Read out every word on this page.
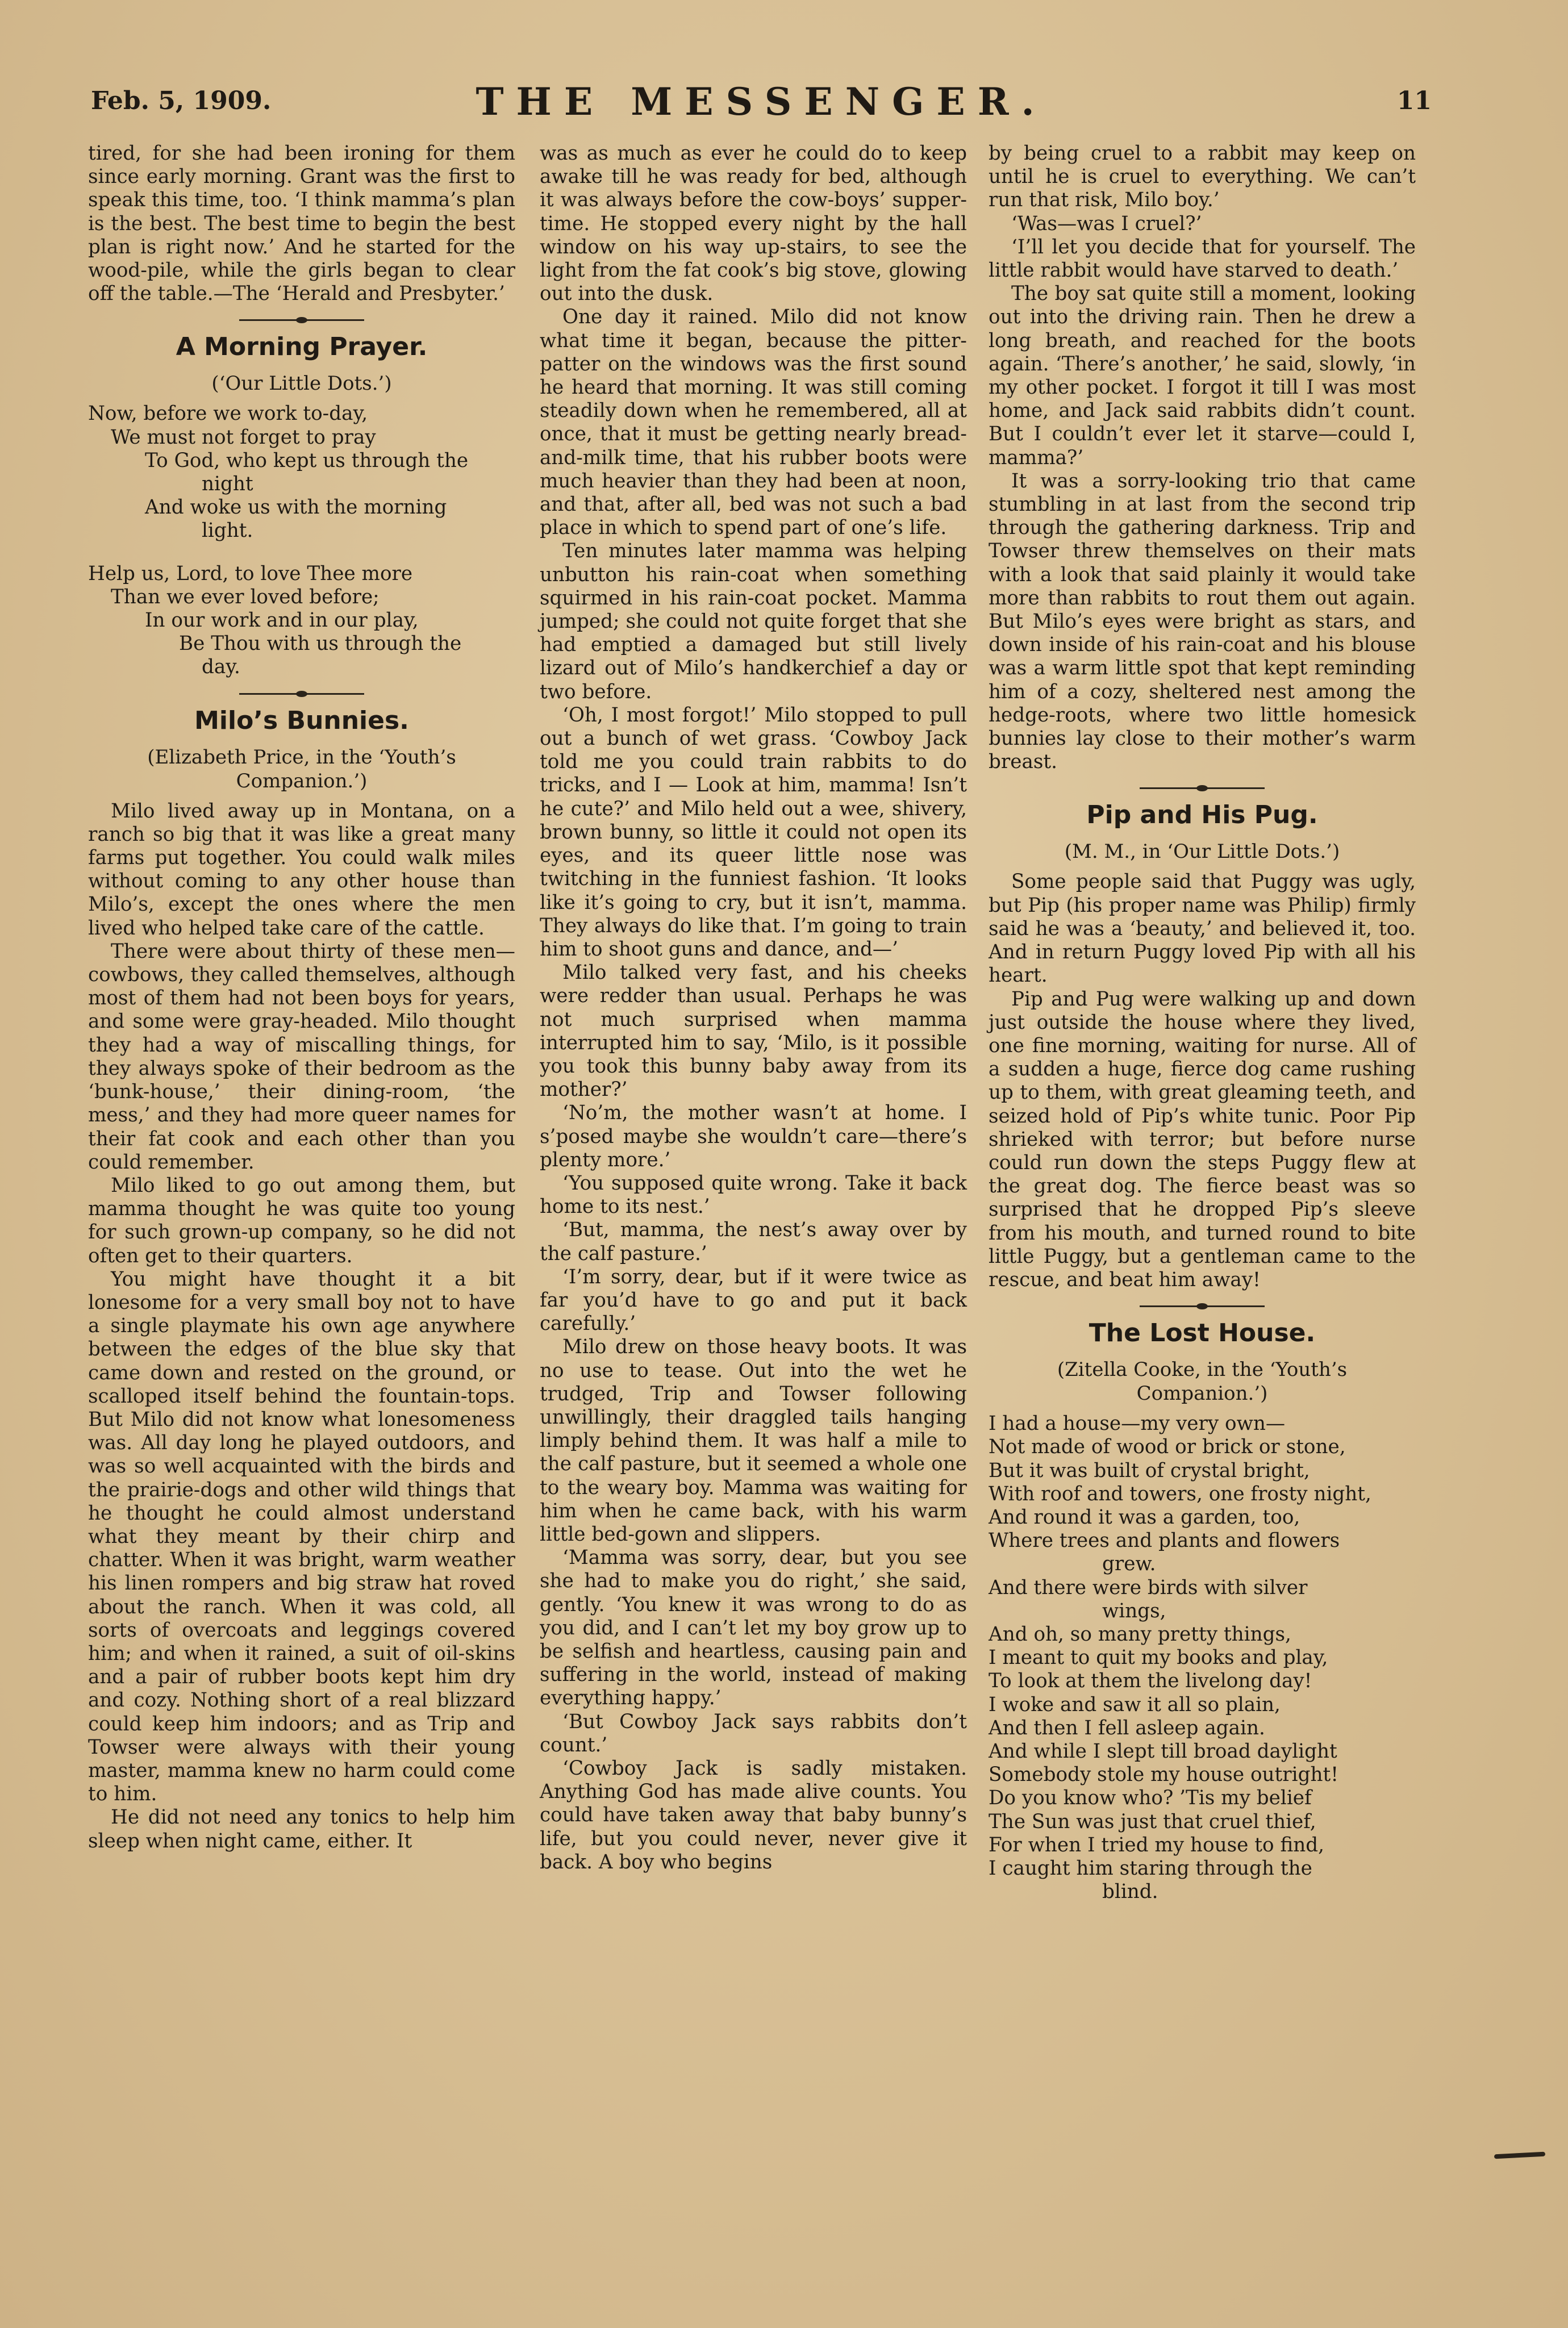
Feb. 5, 1909.	THE MESSENGER.	11

tired, for she had been ironing for them since early morning. Grant was the first to speak this time, too. ‘I think mamma’s plan is the best. The best time to begin the best plan is right now.’ And he started for the wood-pile, while the girls began to clear off the table.—The ‘Herald and Presbyter.’

A Morning Prayer.
(‘Our Little Dots.’)
Now, before we work to-day,
We must not forget to pray
To God, who kept us through the
night
And woke us with the morning
light.
Help us, Lord, to love Thee more
Than we ever loved before;
In our work and in our play,
Be Thou with us through the
day.
Milo’s Bunnies.
(Elizabeth Price, in the ‘Youth’s Companion.’)

Milo lived away up in Montana, on a ranch so big that it was like a great many farms put together. You could walk miles without coming to any other house than Milo’s, except the ones where the men lived who helped take care of the cattle.

There were about thirty of these men—cowbows, they called themselves, although most of them had not been boys for years, and some were gray-headed. Milo thought they had a way of miscalling things, for they always spoke of their bedroom as the ‘bunk-house,’ their dining-room, ‘the mess,’ and they had more queer names for their fat cook and each other than you could remember.

Milo liked to go out among them, but mamma thought he was quite too young for such grown-up company, so he did not often get to their quarters.

You might have thought it a bit lonesome for a very small boy not to have a single playmate his own age anywhere between the edges of the blue sky that came down and rested on the ground, or scalloped itself behind the fountain-tops. But Milo did not know what lonesomeness was. All day long he played outdoors, and was so well acquainted with the birds and the prairie-dogs and other wild things that he thought he could almost understand what they meant by their chirp and chatter. When it was bright, warm weather his linen rompers and big straw hat roved about the ranch. When it was cold, all sorts of overcoats and leggings covered him; and when it rained, a suit of oil-skins and a pair of rubber boots kept him dry and cozy. Nothing short of a real blizzard could keep him indoors; and as Trip and Towser were always with their young master, mamma knew no harm could come to him.

He did not need any tonics to help him sleep when night came, either. It

was as much as ever he could do to keep awake till he was ready for bed, although it was always before the cow-boys’ supper-time. He stopped every night by the hall window on his way up-stairs, to see the light from the fat cook’s big stove, glowing out into the dusk.

One day it rained. Milo did not know what time it began, because the pitter-patter on the windows was the first sound he heard that morning. It was still coming steadily down when he remembered, all at once, that it must be getting nearly bread-and-milk time, that his rubber boots were much heavier than they had been at noon, and that, after all, bed was not such a bad place in which to spend part of one’s life.

Ten minutes later mamma was helping unbutton his rain-coat when something squirmed in his rain-coat pocket. Mamma jumped; she could not quite forget that she had emptied a damaged but still lively lizard out of Milo’s handkerchief a day or two before.

‘Oh, I most forgot!’ Milo stopped to pull out a bunch of wet grass. ‘Cowboy Jack told me you could train rabbits to do tricks, and I — Look at him, mamma! Isn’t he cute?’ and Milo held out a wee, shivery, brown bunny, so little it could not open its eyes, and its queer little nose was twitching in the funniest fashion. ‘It looks like it’s going to cry, but it isn’t, mamma. They always do like that. I’m going to train him to shoot guns and dance, and—’

Milo talked very fast, and his cheeks were redder than usual. Perhaps he was not much surprised when mamma interrupted him to say, ‘Milo, is it possible you took this bunny baby away from its mother?’

‘No’m, the mother wasn’t at home. I s’posed maybe she wouldn’t care—there’s plenty more.’

‘You supposed quite wrong. Take it back home to its nest.’

‘But, mamma, the nest’s away over by the calf pasture.’

‘I’m sorry, dear, but if it were twice as far you’d have to go and put it back carefully.’

Milo drew on those heavy boots. It was no use to tease. Out into the wet he trudged, Trip and Towser following unwillingly, their draggled tails hanging limply behind them. It was half a mile to the calf pasture, but it seemed a whole one to the weary boy. Mamma was waiting for him when he came back, with his warm little bed-gown and slippers.

‘Mamma was sorry, dear, but you see she had to make you do right,’ she said, gently. ‘You knew it was wrong to do as you did, and I can’t let my boy grow up to be selfish and heartless, causing pain and suffering in the world, instead of making everything happy.’

‘But Cowboy Jack says rabbits don’t count.’

‘Cowboy Jack is sadly mistaken. Anything God has made alive counts. You could have taken away that baby bunny’s life, but you could never, never give it back. A boy who begins

by being cruel to a rabbit may keep on until he is cruel to everything. We can’t run that risk, Milo boy.’

‘Was—was I cruel?’

‘I’ll let you decide that for yourself. The little rabbit would have starved to death.’

The boy sat quite still a moment, looking out into the driving rain. Then he drew a long breath, and reached for the boots again. ‘There’s another,’ he said, slowly, ‘in my other pocket. I forgot it till I was most home, and Jack said rabbits didn’t count. But I couldn’t ever let it starve—could I, mamma?’

It was a sorry-looking trio that came stumbling in at last from the second trip through the gathering darkness. Trip and Towser threw themselves on their mats with a look that said plainly it would take more than rabbits to rout them out again. But Milo’s eyes were bright as stars, and down inside of his rain-coat and his blouse was a warm little spot that kept reminding him of a cozy, sheltered nest among the hedge-roots, where two little homesick bunnies lay close to their mother’s warm breast.

Pip and His Pug.
(M. M., in ‘Our Little Dots.’)

Some people said that Puggy was ugly, but Pip (his proper name was Philip) firmly said he was a ‘beauty,’ and believed it, too. And in return Puggy loved Pip with all his heart.

Pip and Pug were walking up and down just outside the house where they lived, one fine morning, waiting for nurse. All of a sudden a huge, fierce dog came rushing up to them, with great gleaming teeth, and seized hold of Pip’s white tunic. Poor Pip shrieked with terror; but before nurse could run down the steps Puggy flew at the great dog. The fierce beast was so surprised that he dropped Pip’s sleeve from his mouth, and turned round to bite little Puggy, but a gentleman came to the rescue, and beat him away!

The Lost House.
(Zitella Cooke, in the ‘Youth’s Companion.’)
I had a house—my very own—
Not made of wood or brick or stone,
But it was built of crystal bright,
With roof and towers, one frosty night,
And round it was a garden, too,
Where trees and plants and flowers
grew.
And there were birds with silver
wings,
And oh, so many pretty things,
I meant to quit my books and play,
To look at them the livelong day!
I woke and saw it all so plain,
And then I fell asleep again.
And while I slept till broad daylight
Somebody stole my house outright!
Do you know who? ’Tis my belief
The Sun was just that cruel thief,
For when I tried my house to find,
I caught him staring through the
blind.
